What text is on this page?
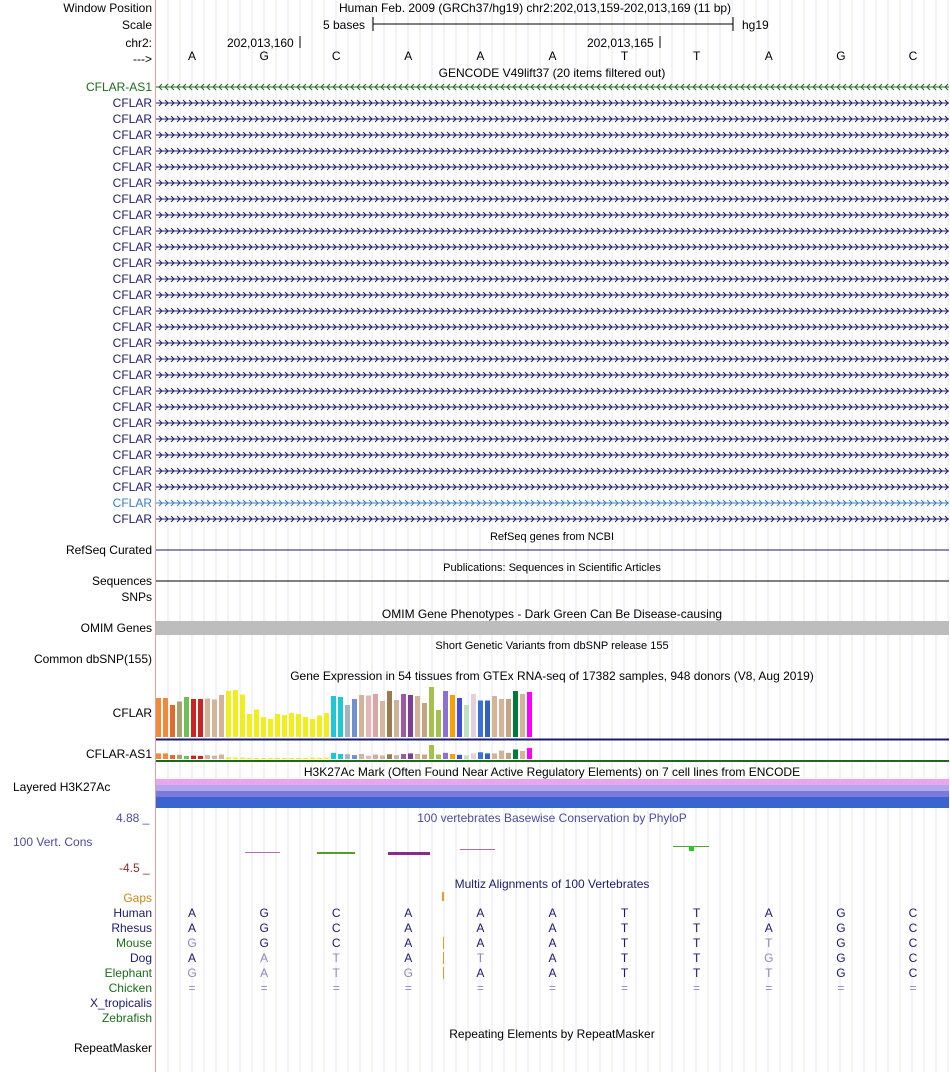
Window Position
Scale
chr2:
--->
Human Feb. 2009 (GRCh37/hg19) chr2:202,013,159-202,013,169 (11 bp)
5 bases	hg19
202,013,160	202,013,165
A	G	C	A	A	A	T	T	A	G	C
GENCODE V49lift37 (20 items filtered out)
CFLAR-AS1
CFLAR
CFLAR
CFLAR
CFLAR
CFLAR
CFLAR
CFLAR
CFLAR
CFLAR
CFLAR
CFLAR
CFLAR
CFLAR
CFLAR
CFLAR
CFLAR
CFLAR
CFLAR
CFLAR
CFLAR
CFLAR
CFLAR
CFLAR
CFLAR
CFLAR
CFLAR
CFLAR
RefSeq genes from NCBI
RefSeq Curated
Publications: Sequences in Scientific Articles
Sequences
SNPs
OMIM Gene Phenotypes - Dark Green Can Be Disease-causing
OMIM Genes
Short Genetic Variants from dbSNP release 155
Common dbSNP(155)
Gene Expression in 54 tissues from GTEx RNA-seq of 17382 samples, 948 donors (V8, Aug 2019)
CFLAR
CFLAR-AS1
H3K27Ac Mark (Often Found Near Active Regulatory Elements) on 7 cell lines from ENCODE
Layered H3K27Ac
100 vertebrates Basewise Conservation by PhyloP
4.88 _
100 Vert. Cons
-4.5 _
Multiz Alignments of 100 Vertebrates
Gaps
Human	A	G	C	A	A	A	T	T	A	G	C
Rhesus	A	G	C	A	A	A	T	T	A	G	C
Mouse	G	G	C	A	A	A	T	T	T	G	C
Dog	A	A	T	A	T	A	T	T	G	G	C
Elephant	G	A	T	G	A	A	T	T	T	G	C
Chicken	=	=	=	=	=	=	=	=	=	=	=
X_tropicalis
Zebrafish
Repeating Elements by RepeatMasker
RepeatMasker
